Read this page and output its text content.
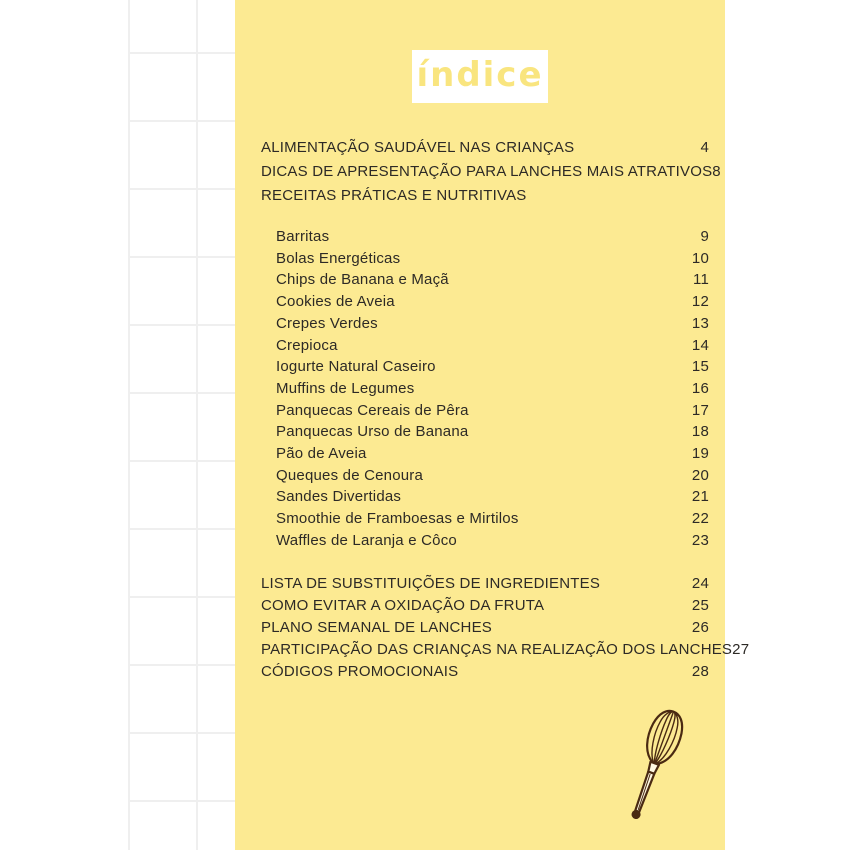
índice
ALIMENTAÇÃO SAUDÁVEL NAS CRIANÇAS	4
DICAS DE APRESENTAÇÃO PARA LANCHES MAIS ATRATIVOS 8
RECEITAS PRÁTICAS E NUTRITIVAS
Barritas	9
Bolas Energéticas	10
Chips de Banana e Maçã	11
Cookies de Aveia	12
Crepes Verdes	13
Crepioca	14
Iogurte Natural Caseiro	15
Muffins de Legumes	16
Panquecas Cereais de Pêra	17
Panquecas Urso de Banana	18
Pão de Aveia	19
Queques de Cenoura	20
Sandes Divertidas	21
Smoothie de Framboesas e Mirtilos	22
Waffles de Laranja e Côco	23
LISTA DE SUBSTITUIÇÕES DE INGREDIENTES	24
COMO EVITAR A OXIDAÇÃO DA FRUTA	25
PLANO SEMANAL DE LANCHES	26
PARTICIPAÇÃO DAS CRIANÇAS NA REALIZAÇÃO DOS LANCHES 27
CÓDIGOS PROMOCIONAIS	28
